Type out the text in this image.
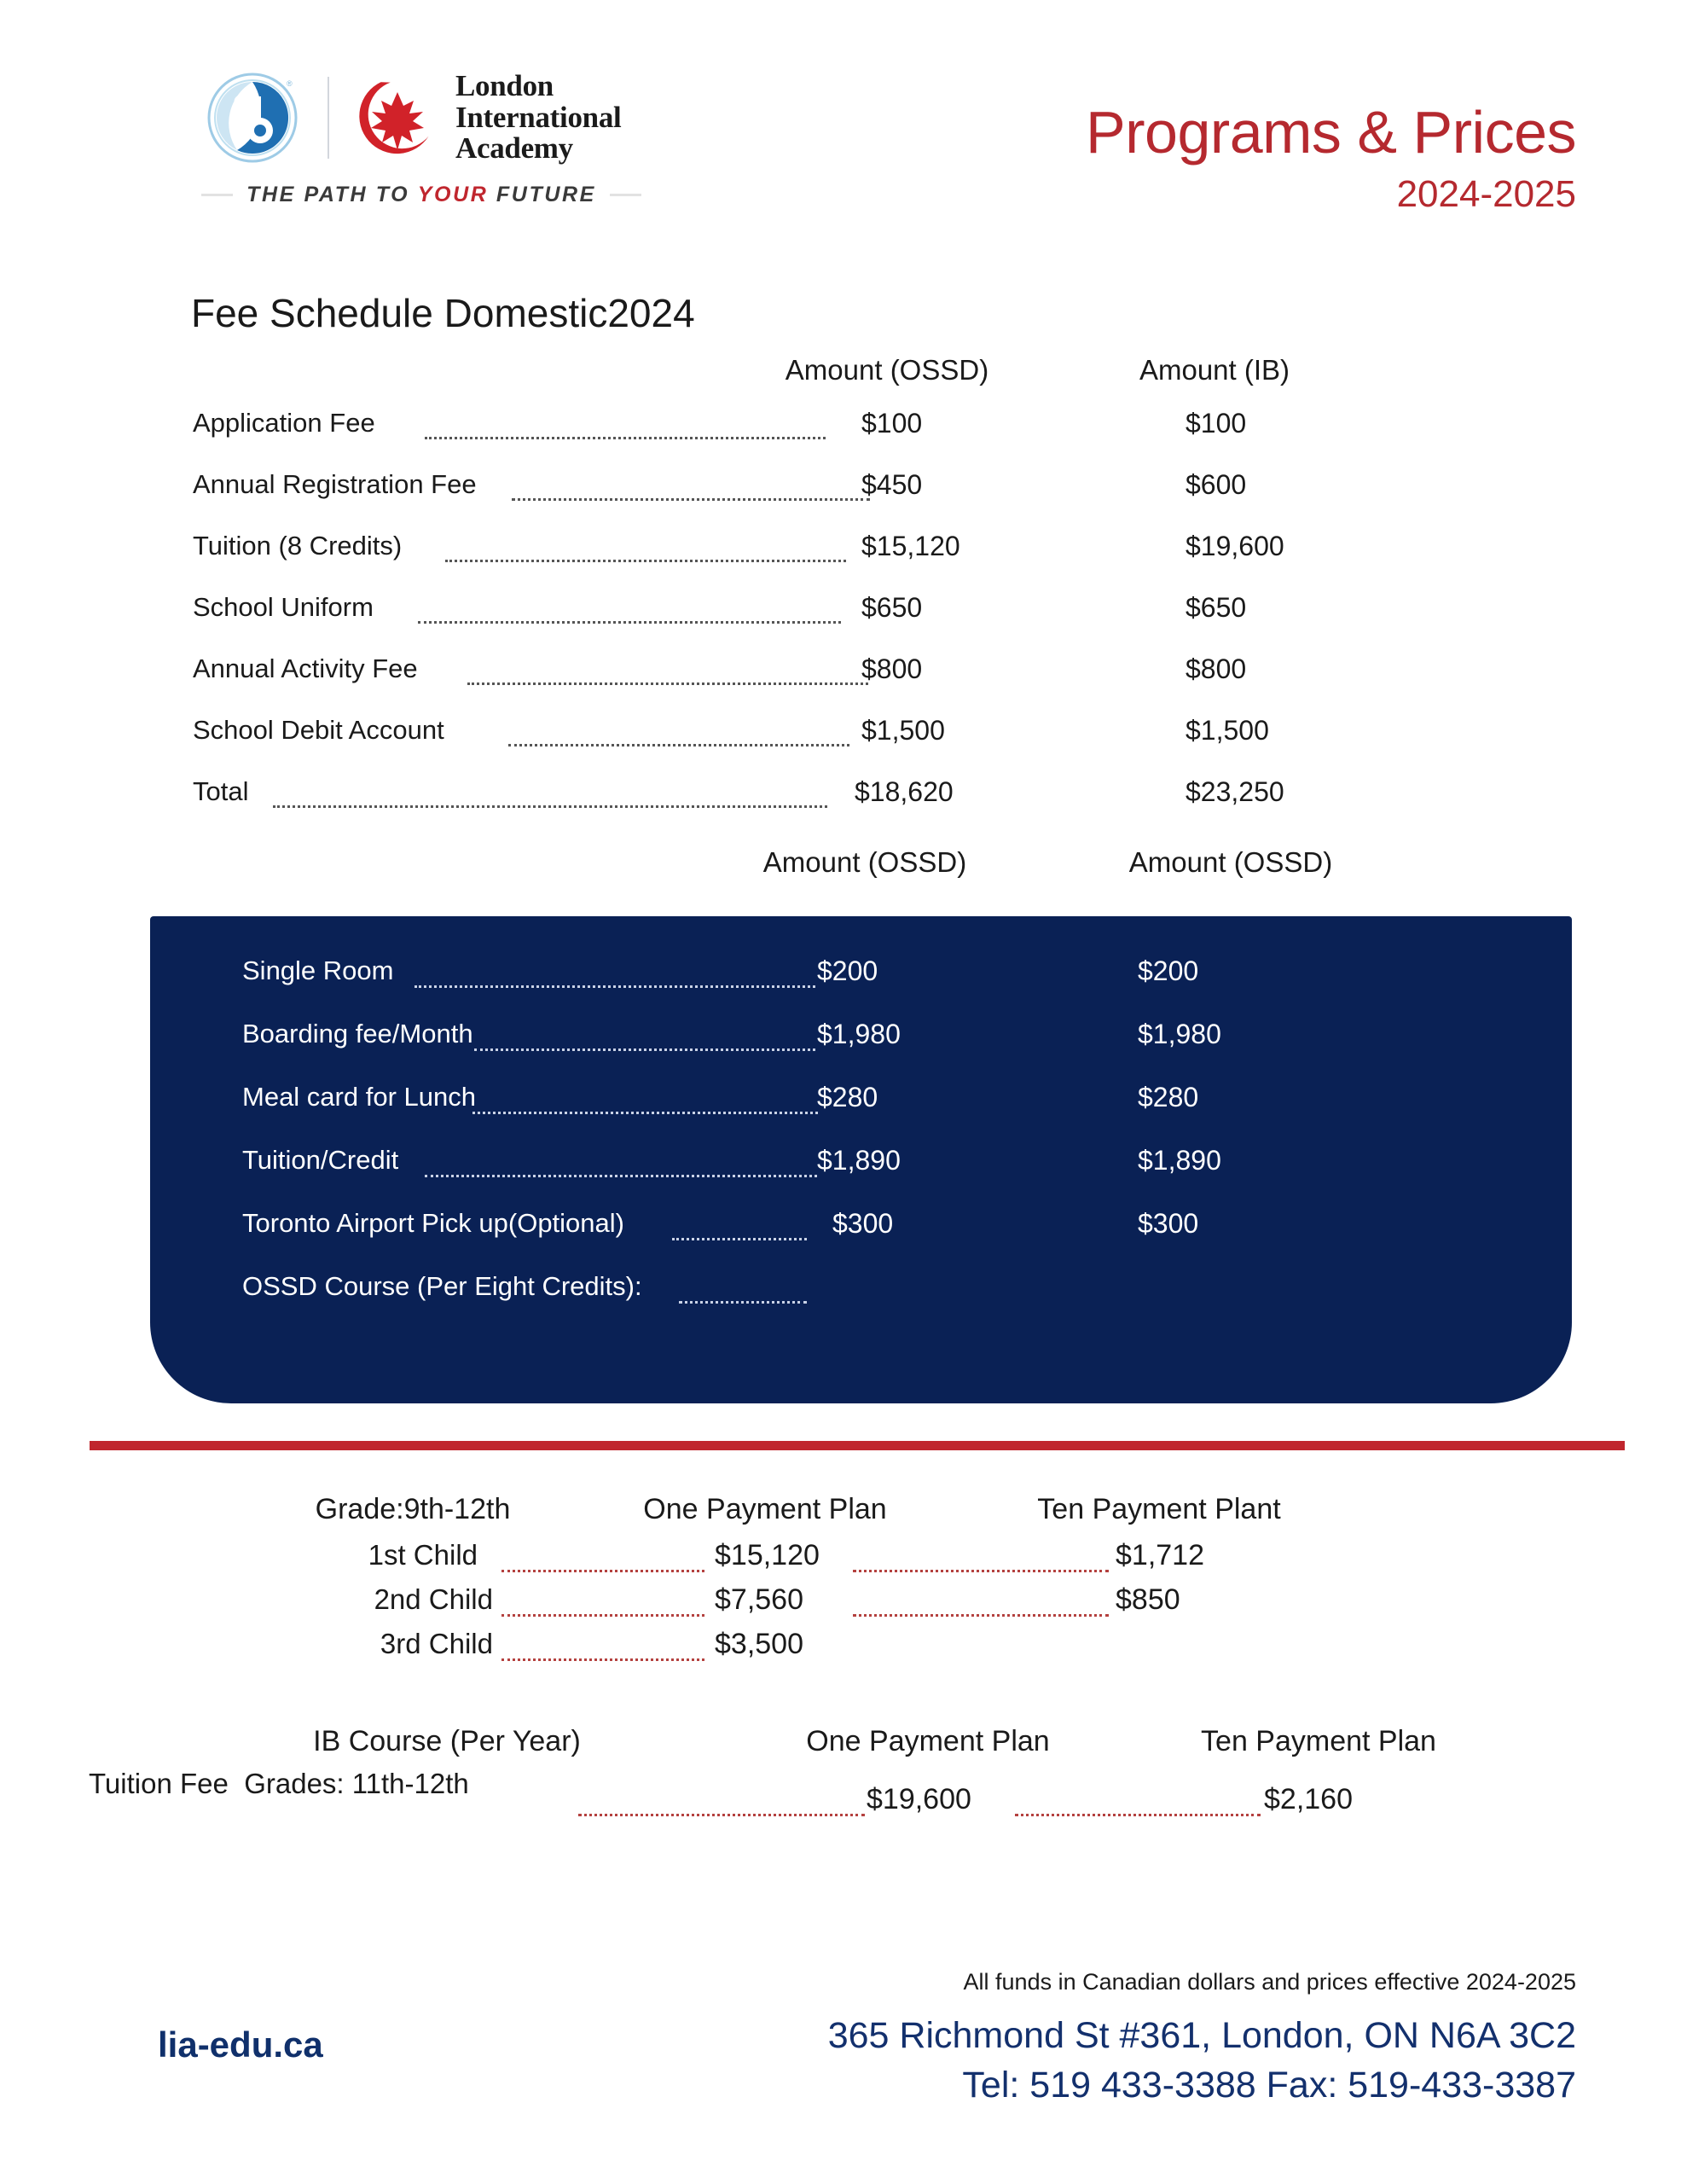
®	London
International
Academy
THE PATH TO YOUR FUTURE
Programs & Prices
2024-2025
Fee Schedule Domestic2024
Amount (OSSD)	Amount (IB)
Application Fee	$100	$100
Annual Registration Fee	$450	$600
Tuition (8 Credits)	$15,120	$19,600
School Uniform	$650	$650
Annual Activity Fee	$800	$800
School Debit Account	$1,500	$1,500
Total	$18,620	$23,250
Amount (OSSD)	Amount (OSSD)
Single Room	$200	$200
Boarding fee/Month	$1,980	$1,980
Meal card for Lunch	$280	$280
Tuition/Credit	$1,890	$1,890
Toronto Airport Pick up(Optional)	$300	$300
OSSD Course (Per Eight Credits):
Grade:9th-12th	One Payment Plan	Ten Payment Plant
1st Child	$15,120	$1,712
2nd Child	$7,560	$850
3rd Child	$3,500
IB Course (Per Year)	One Payment Plan	Ten Payment Plan
Tuition Fee Grades: 11th-12th	$19,600	$2,160
All funds in Canadian dollars and prices effective 2024-2025
lia-edu.ca	365 Richmond St #361, London, ON N6A 3C2
Tel: 519 433-3388 Fax: 519-433-3387
